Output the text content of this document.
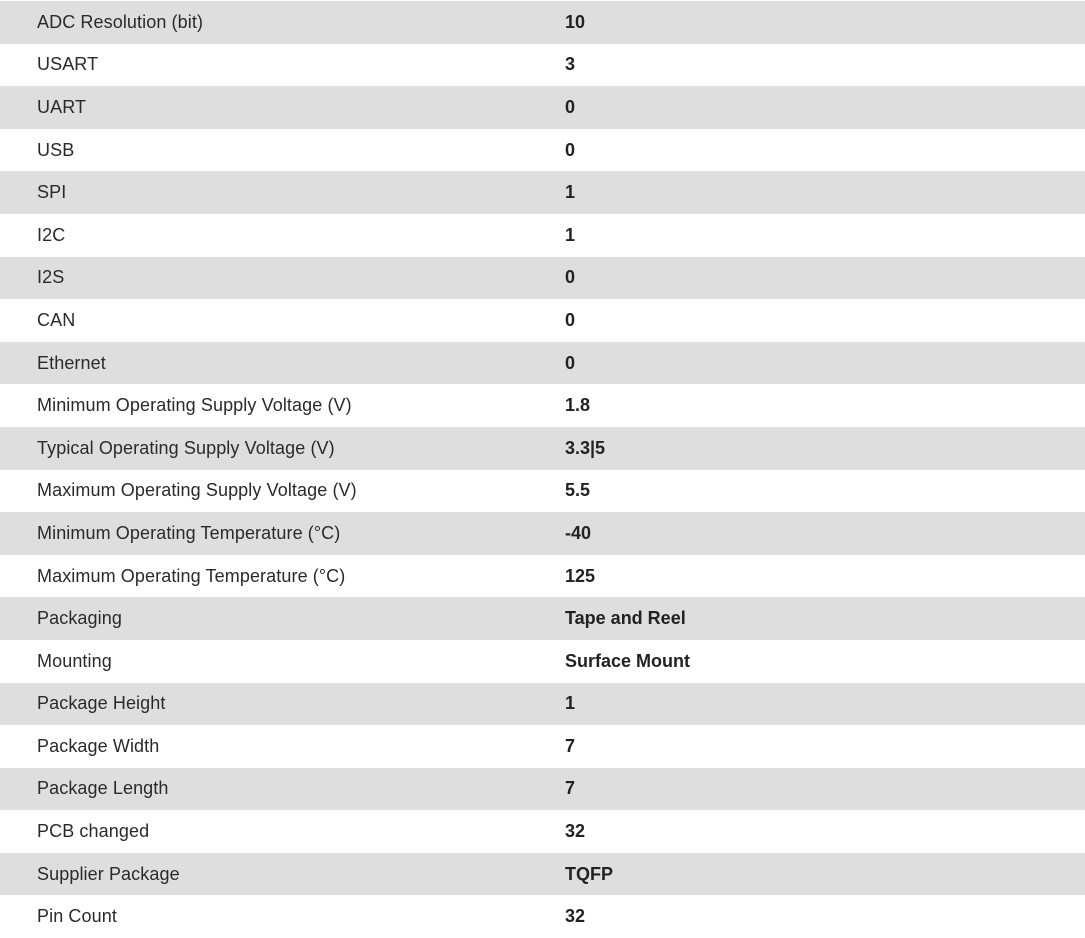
ADC Resolution (bit)	10
USART	3
UART	0
USB	0
SPI	1
I2C	1
I2S	0
CAN	0
Ethernet	0
Minimum Operating Supply Voltage (V)	1.8
Typical Operating Supply Voltage (V)	3.3|5
Maximum Operating Supply Voltage (V)	5.5
Minimum Operating Temperature (°C)	-40
Maximum Operating Temperature (°C)	125
Packaging	Tape and Reel
Mounting	Surface Mount
Package Height	1
Package Width	7
Package Length	7
PCB changed	32
Supplier Package	TQFP
Pin Count	32
